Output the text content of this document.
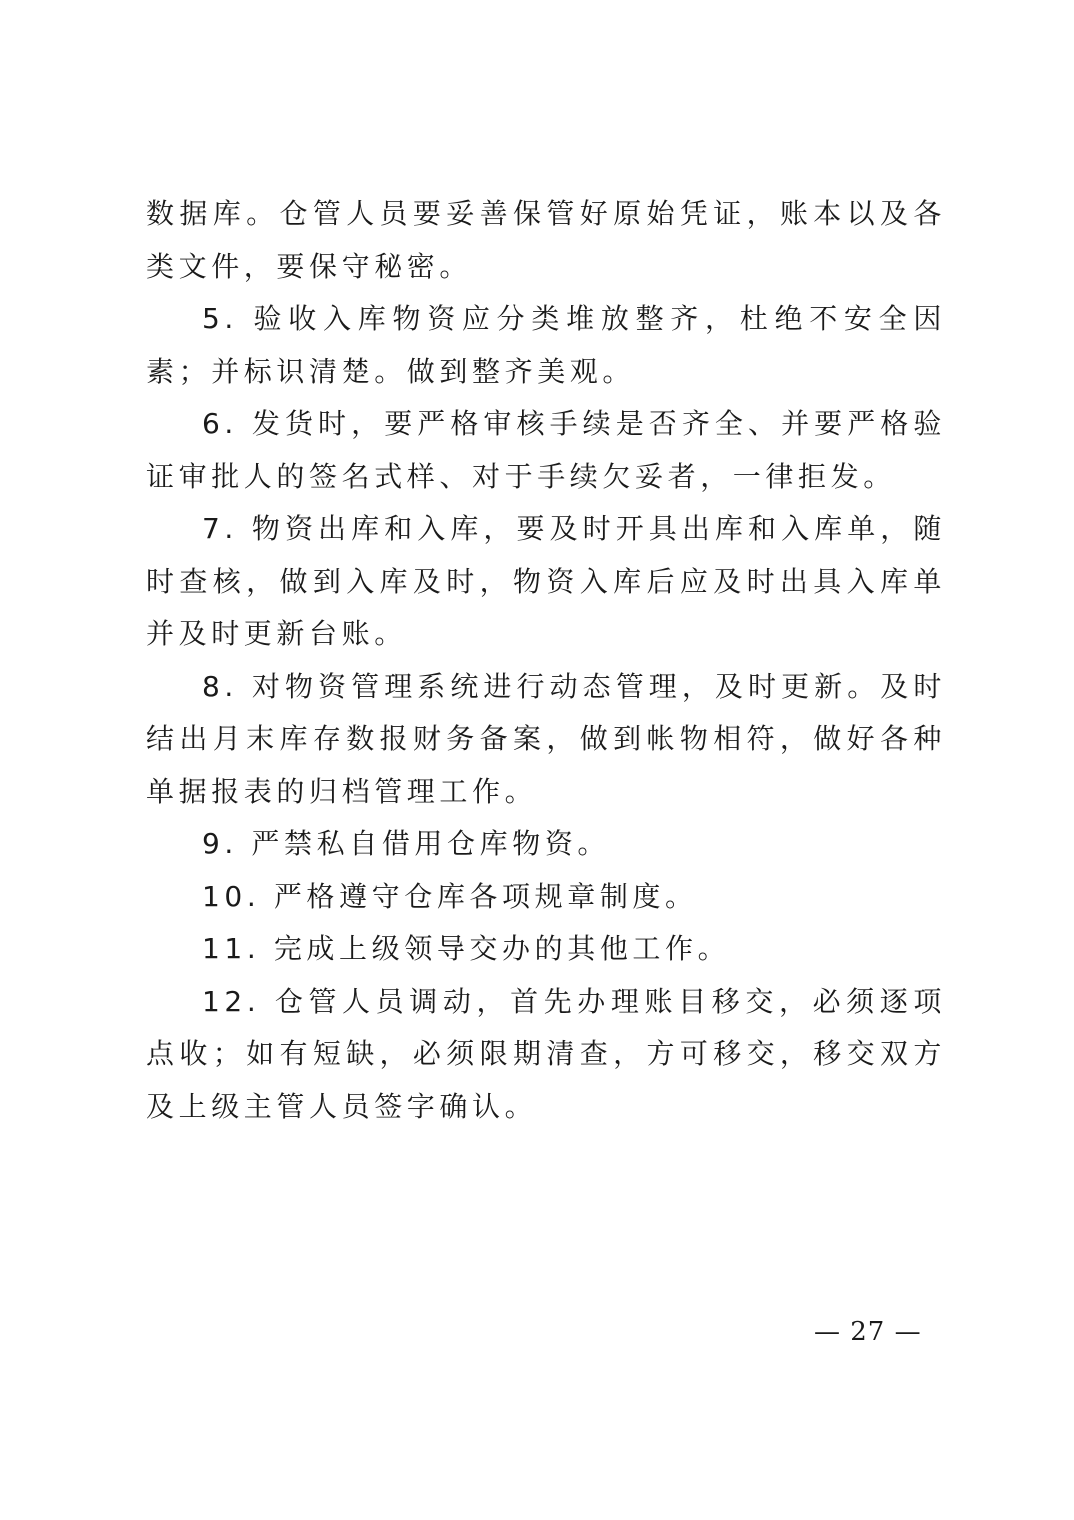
数据库。仓管人员要妥善保管好原始凭证，账本以及各类文件，要保守秘密。

5. 验收入库物资应分类堆放整齐，杜绝不安全因素；并标识清楚。做到整齐美观。

6. 发货时，要严格审核手续是否齐全、并要严格验证审批人的签名式样、对于手续欠妥者，一律拒发。

7. 物资出库和入库，要及时开具出库和入库单，随时查核，做到入库及时，物资入库后应及时出具入库单并及时更新台账。

8. 对物资管理系统进行动态管理，及时更新。及时结出月末库存数报财务备案，做到帐物相符，做好各种单据报表的归档管理工作。

9. 严禁私自借用仓库物资。

10. 严格遵守仓库各项规章制度。

11. 完成上级领导交办的其他工作。

12. 仓管人员调动，首先办理账目移交，必须逐项点收；如有短缺，必须限期清查，方可移交，移交双方及上级主管人员签字确认。

— 27 —
